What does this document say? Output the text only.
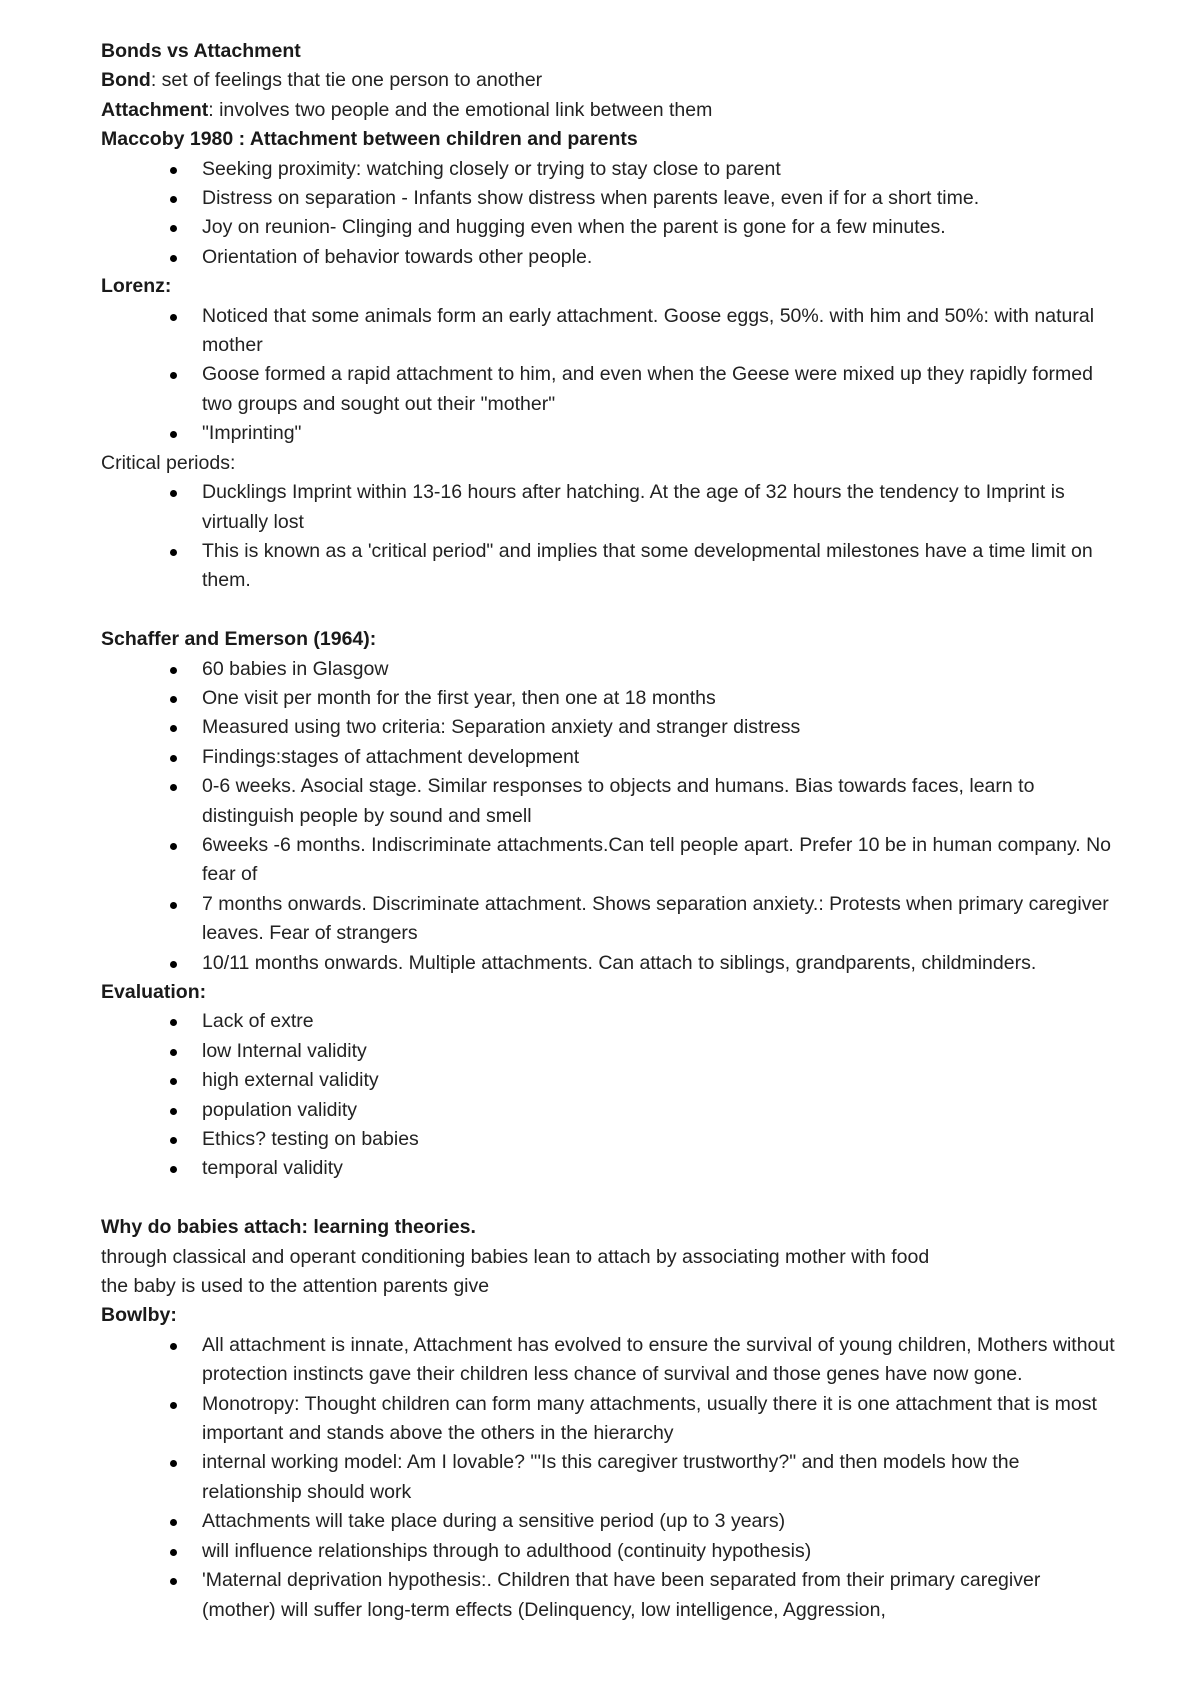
Bonds vs Attachment

Bond: set of feelings that tie one person to another

Attachment: involves two people and the emotional link between them

Maccoby 1980 : Attachment between children and parents

Seeking proximity: watching closely or trying to stay close to parent
Distress on separation - Infants show distress when parents leave, even if for a short time.
Joy on reunion- Clinging and hugging even when the parent is gone for a few minutes.
Orientation of behavior towards other people.

Lorenz:

Noticed that some animals form an early attachment. Goose eggs, 50%. with him and 50%: with natural mother
Goose formed a rapid attachment to him, and even when the Geese were mixed up they rapidly formed two groups and sought out their "mother"
"Imprinting"

Critical periods:

Ducklings Imprint within 13-16 hours after hatching. At the age of 32 hours the tendency to Imprint is virtually lost
This is known as a 'critical period" and implies that some developmental milestones have a time limit on them.

Schaffer and Emerson (1964):

60 babies in Glasgow
One visit per month for the first year, then one at 18 months
Measured using two criteria: Separation anxiety and stranger distress
Findings:stages of attachment development
0-6 weeks. Asocial stage. Similar responses to objects and humans. Bias towards faces, learn to distinguish people by sound and smell
6weeks -6 months. Indiscriminate attachments.Can tell people apart. Prefer 10 be in human company. No fear of
7 months onwards. Discriminate attachment. Shows separation anxiety.: Protests when primary caregiver leaves. Fear of strangers
10/11 months onwards. Multiple attachments. Can attach to siblings, grandparents, childminders.

Evaluation:

Lack of extre
low Internal validity
high external validity
population validity
Ethics? testing on babies
temporal validity

Why do babies attach: learning theories.

through classical and operant conditioning babies lean to attach by associating mother with food

the baby is used to the attention parents give

Bowlby:

All attachment is innate, Attachment has evolved to ensure the survival of young children, Mothers without protection instincts gave their children less chance of survival and those genes have now gone.
Monotropy: Thought children can form many attachments, usually there it is one attachment that is most important and stands above the others in the hierarchy
internal working model: Am I lovable? "'Is this caregiver trustworthy?" and then models how the relationship should work
Attachments will take place during a sensitive period (up to 3 years)
will influence relationships through to adulthood (continuity hypothesis)
'Maternal deprivation hypothesis:. Children that have been separated from their primary caregiver (mother) will suffer long-term effects (Delinquency, low intelligence, Aggression,
